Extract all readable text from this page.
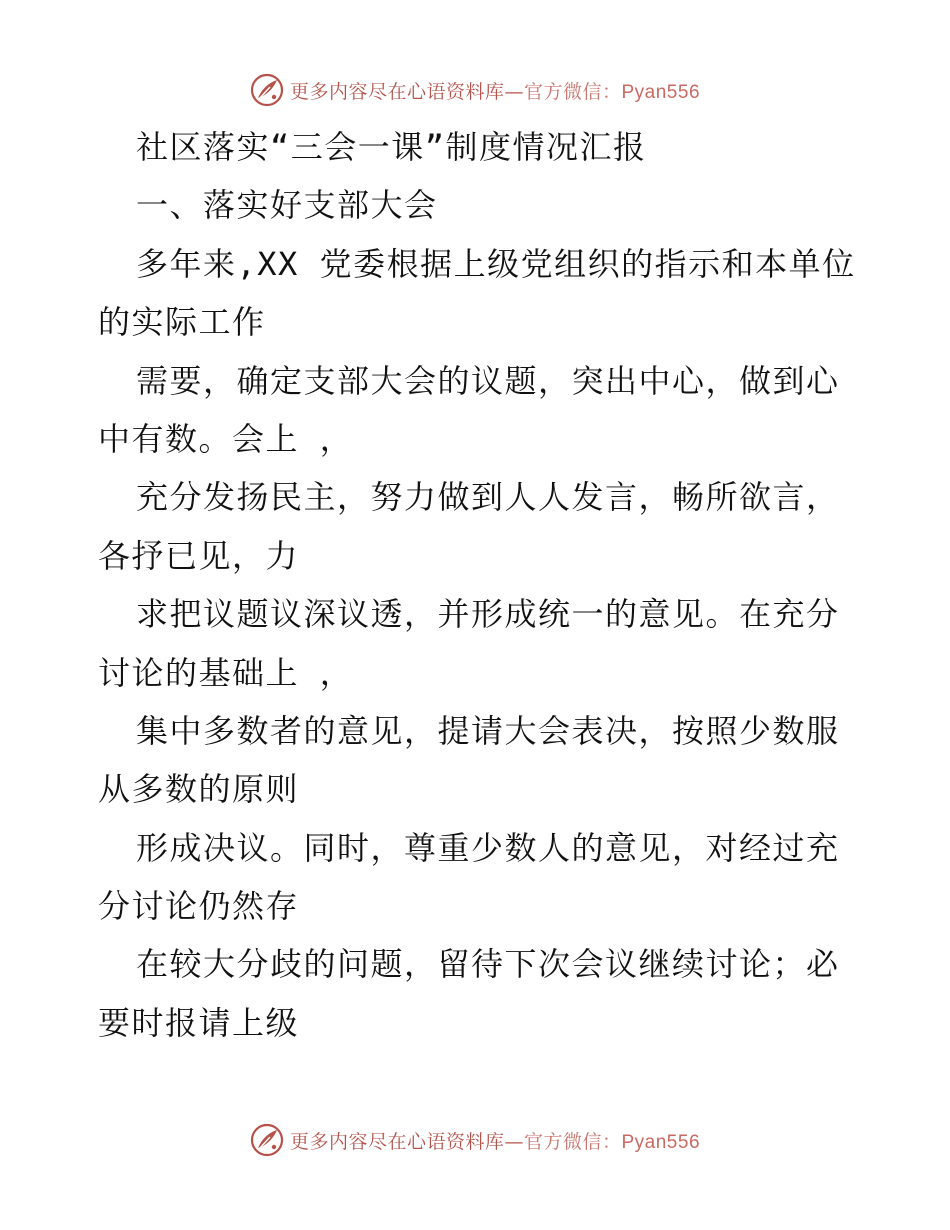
更多内容尽在心语资料库—官方微信：Pyan556

社区落实“三会一课”制度情况汇报

一、落实好支部大会

多年来,XX 党委根据上级党组织的指示和本单位

的实际工作

需要，确定支部大会的议题，突出中心，做到心

中有数。会上 ，

充分发扬民主，努力做到人人发言，畅所欲言，

各抒已见，力

求把议题议深议透，并形成统一的意见。在充分

讨论的基础上 ，

集中多数者的意见，提请大会表决，按照少数服

从多数的原则

形成决议。同时，尊重少数人的意见，对经过充

分讨论仍然存

在较大分歧的问题，留待下次会议继续讨论；必

要时报请上级

更多内容尽在心语资料库—官方微信：Pyan556
